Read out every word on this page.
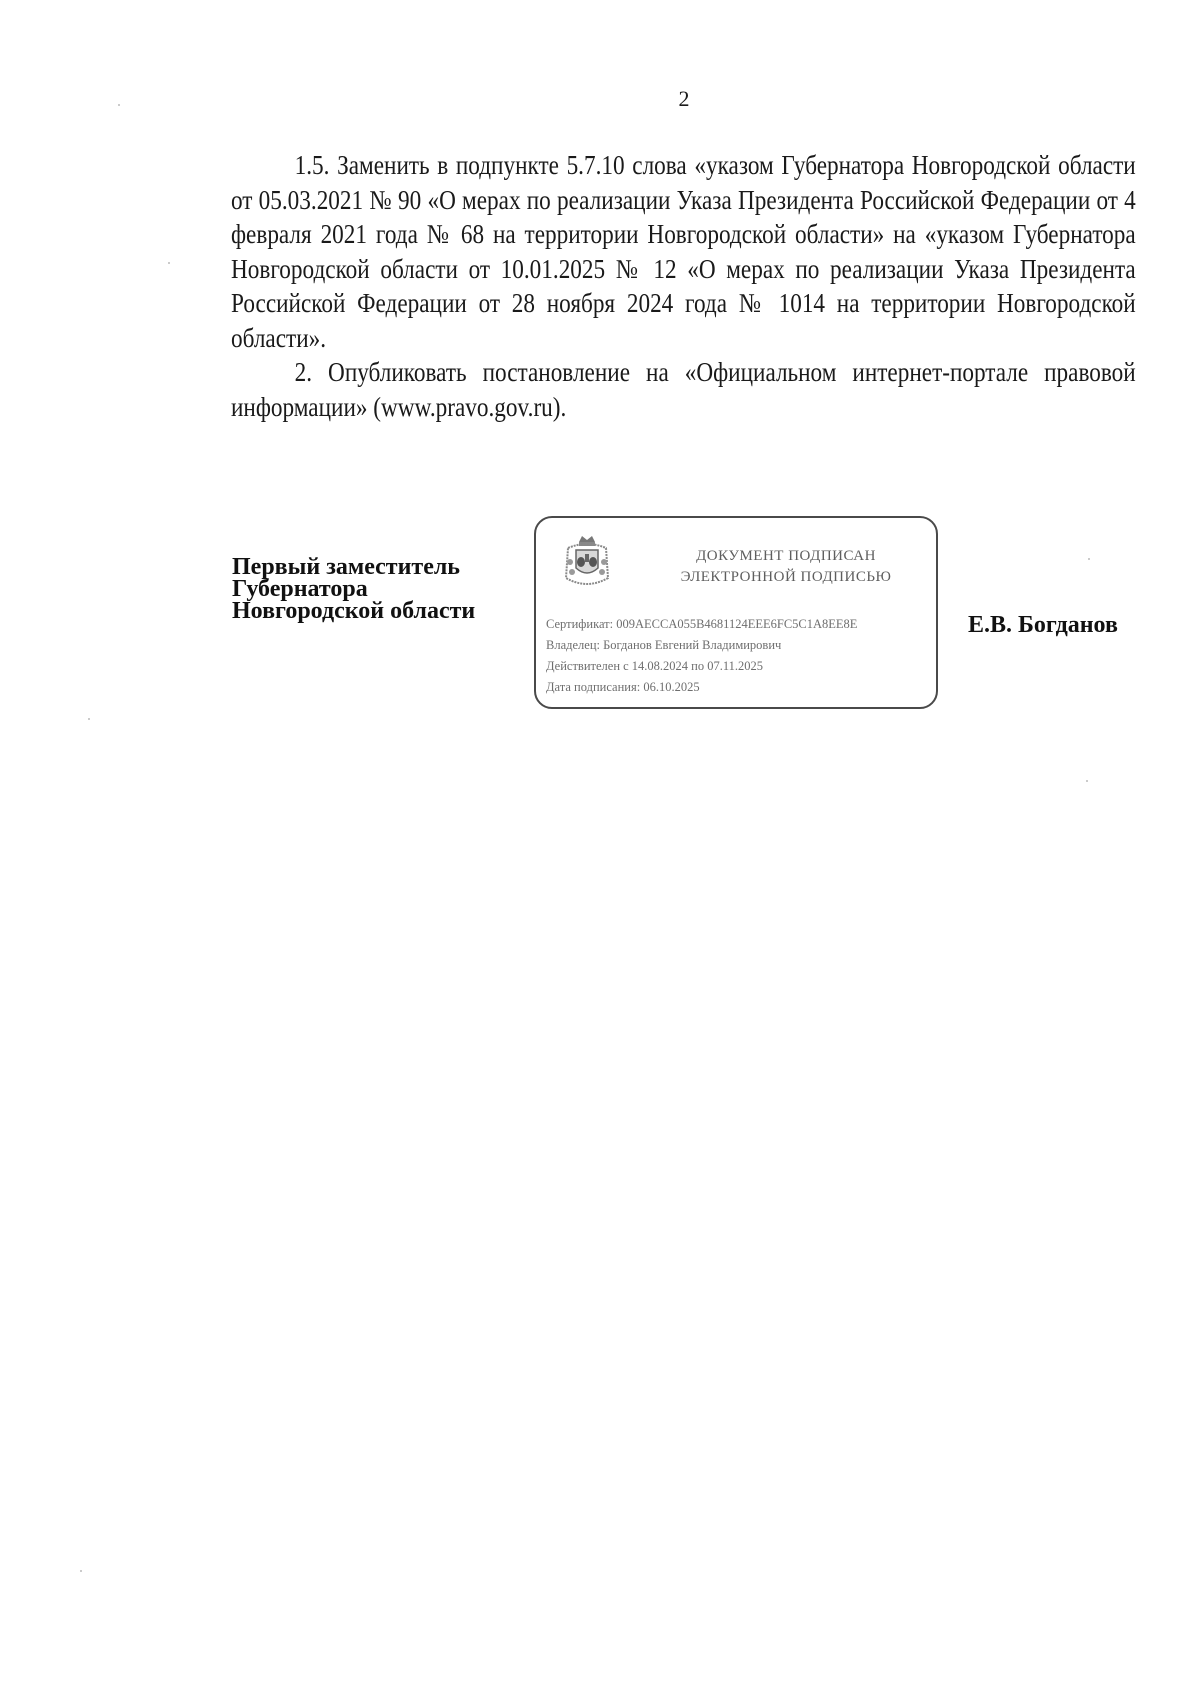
2

1.5. Заменить в подпункте 5.7.10 слова «указом Губернатора Новгородской области от 05.03.2021 № 90 «О мерах по реализации Указа Президента Российской Федерации от 4 февраля 2021 года № 68 на территории Новгородской области» на «указом Губернатора Новгородской области от 10.01.2025 № 12 «О мерах по реализации Указа Президента Российской Федерации от 28 ноября 2024 года № 1014 на территории Новгородской области».

2. Опубликовать постановление на «Официальном интернет-портале правовой информации» (www.pravo.gov.ru).

Первый заместитель
Губернатора
Новгородской области
ДОКУМЕНТ ПОДПИСАН
ЭЛЕКТРОННОЙ ПОДПИСЬЮ
Сертификат: 009AECCA055B4681124EEE6FC5C1A8EE8E
Владелец: Богданов Евгений Владимирович
Действителен с 14.08.2024 по 07.11.2025
Дата подписания: 06.10.2025
Е.В. Богданов
